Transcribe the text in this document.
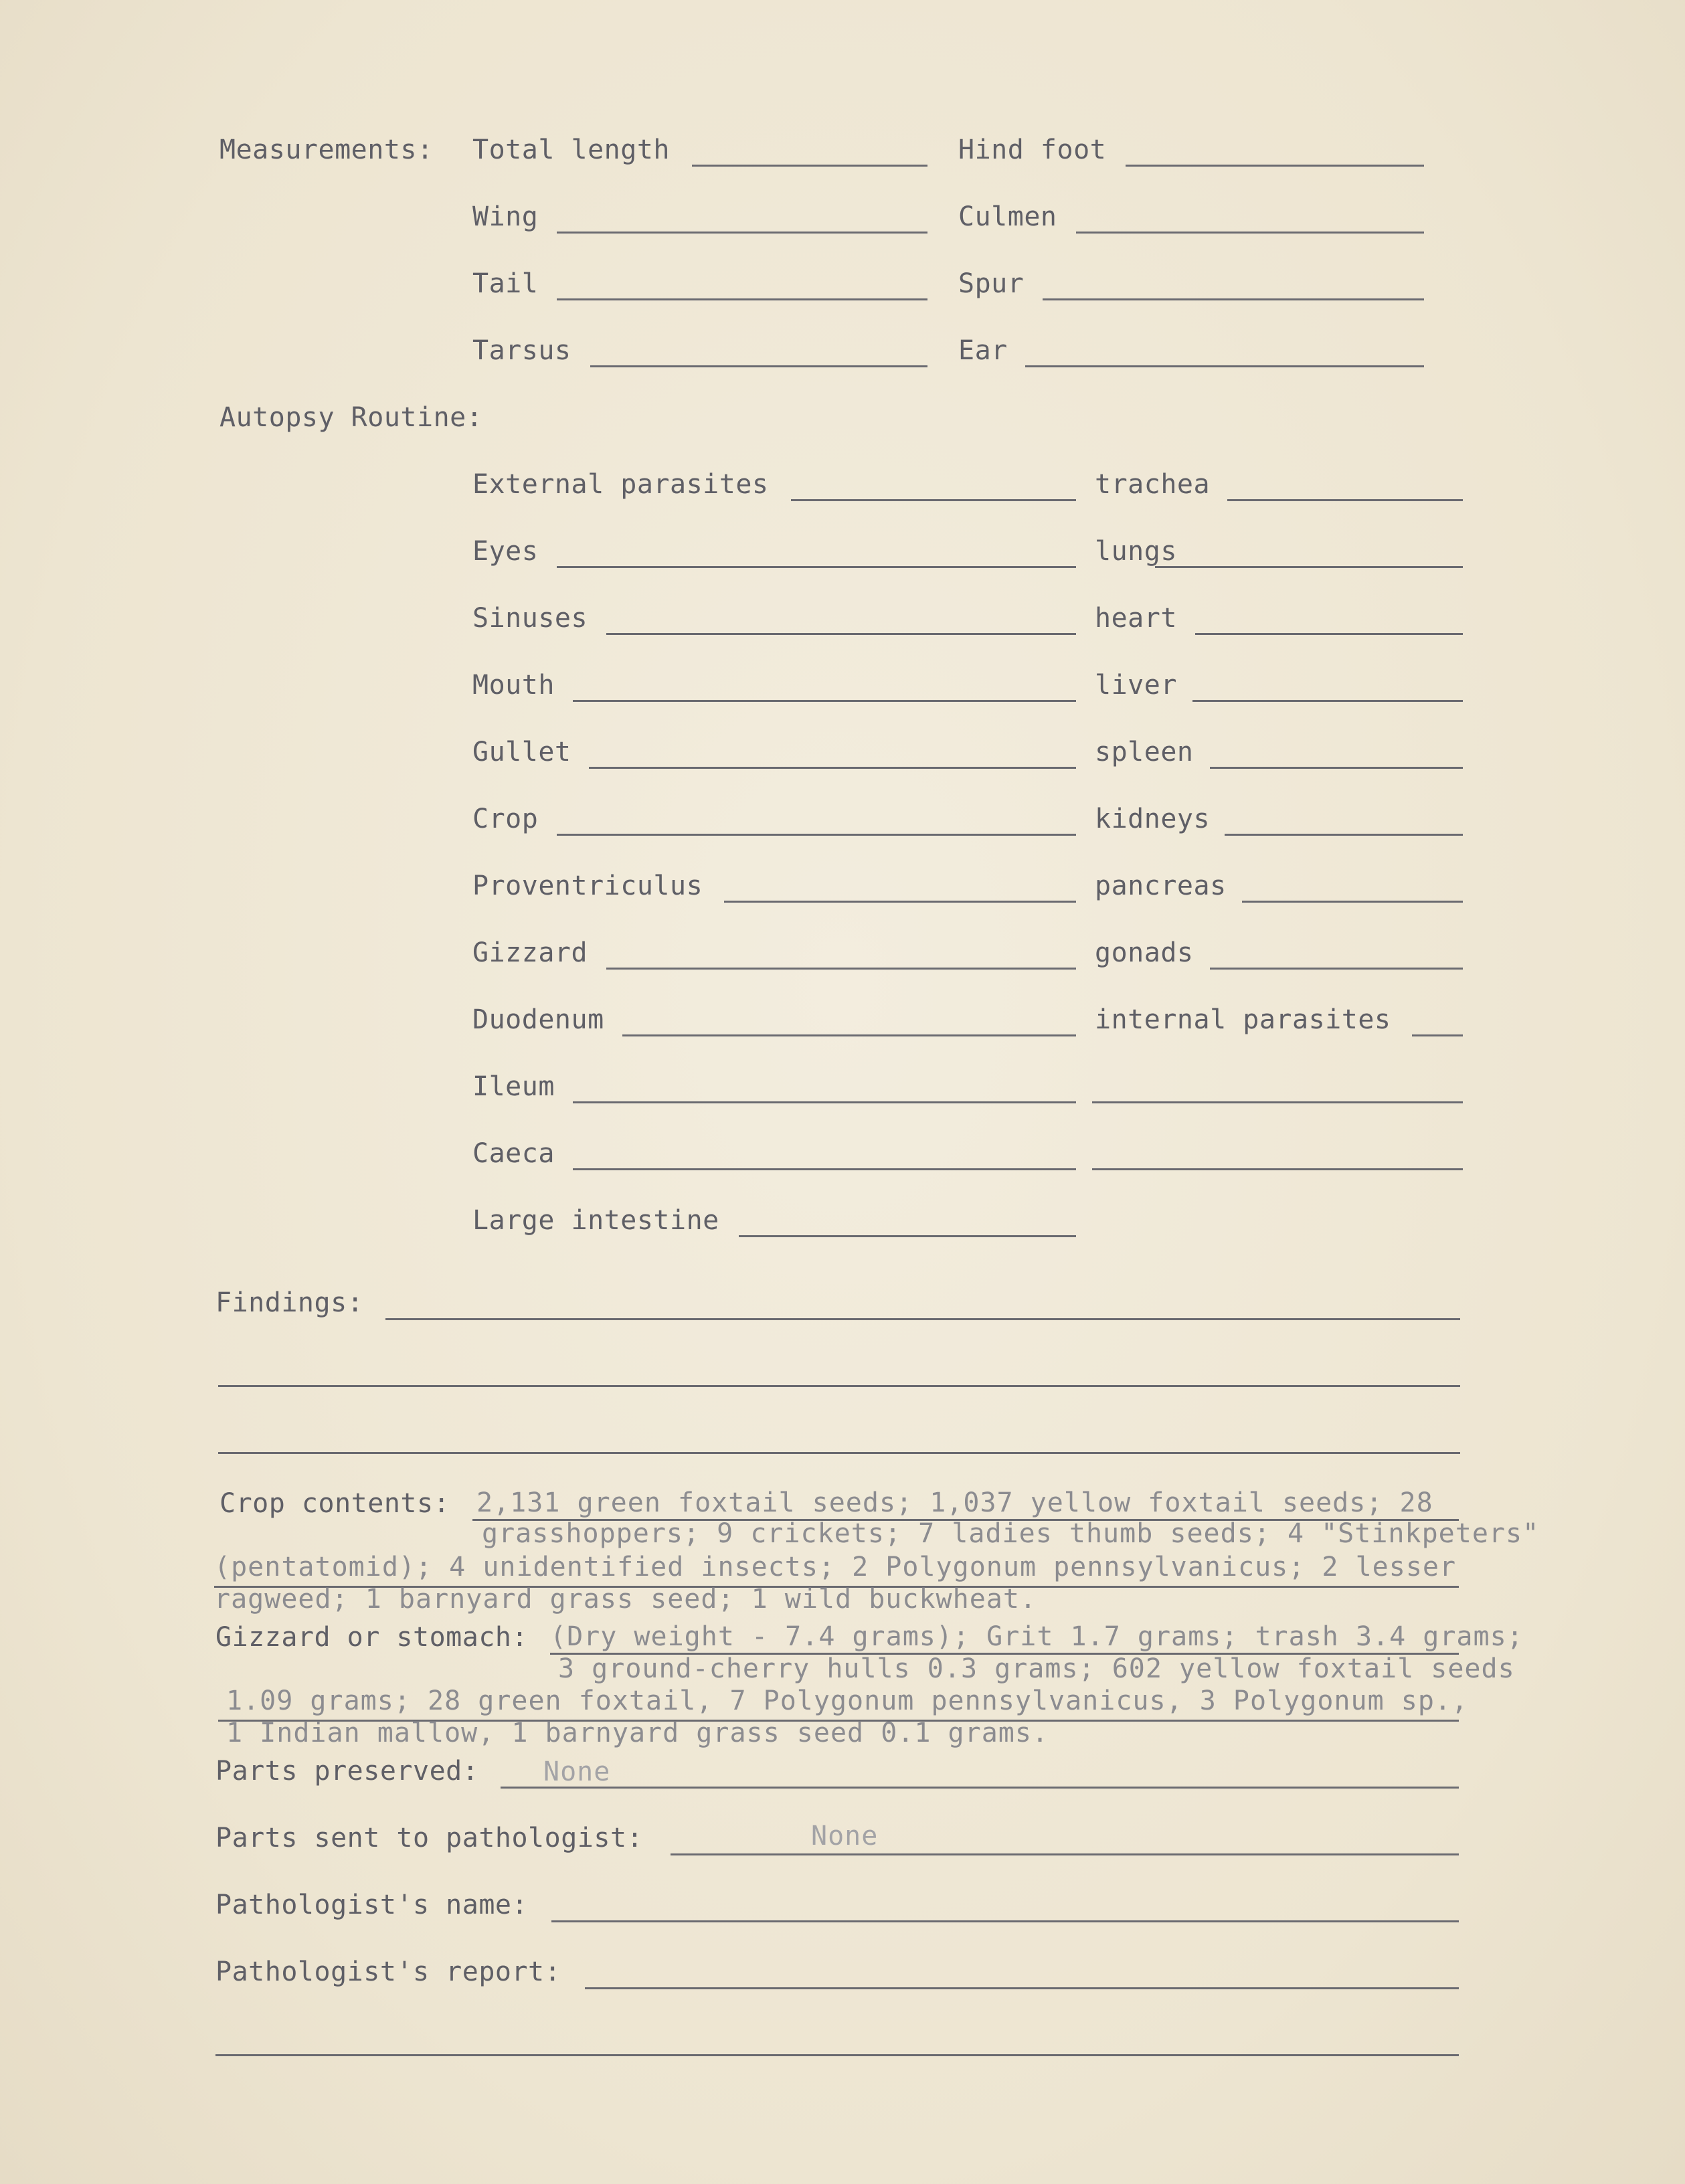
Measurements: Total length	Hind foot
Wing	Culmen
Tail	Spur
Tarsus	Ear
Autopsy Routine:
External parasites	trachea
Eyes	lungs
Sinuses	heart
Mouth	liver
Gullet	spleen
Crop	kidneys
Proventriculus	pancreas
Gizzard	gonads
Duodenum	internal parasites
Ileum
Caeca
Large intestine
Findings:
Crop contents: 2,131 green foxtail seeds; 1,037 yellow foxtail seeds; 28
grasshoppers; 9 crickets; 7 ladies thumb seeds; 4 "Stinkpeters"
(pentatomid); 4 unidentified insects; 2 Polygonum pennsylvanicus; 2 lesser
ragweed; 1 barnyard grass seed; 1 wild buckwheat.
Gizzard or stomach: (Dry weight - 7.4 grams); Grit 1.7 grams; trash 3.4 grams;
3 ground-cherry hulls 0.3 grams; 602 yellow foxtail seeds
1.09 grams; 28 green foxtail, 7 Polygonum pennsylvanicus, 3 Polygonum sp.,
1 Indian mallow, 1 barnyard grass seed 0.1 grams.
Parts preserved: None
Parts sent to pathologist:	None
Pathologist's name:
Pathologist's report:
